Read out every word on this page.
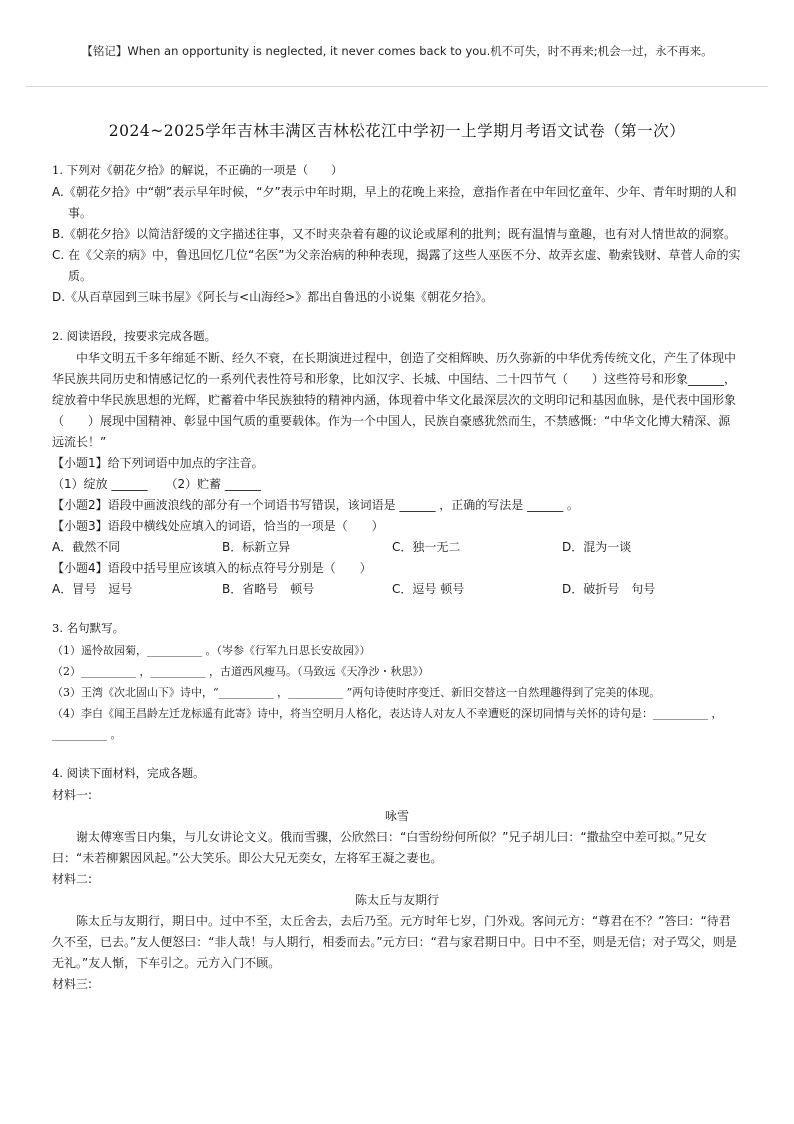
【铭记】When an opportunity is neglected, it never comes back to you.机不可失，时不再来;机会一过，永不再来。
2024~2025学年吉林丰满区吉林松花江中学初一上学期月考语文试卷（第一次）
1. 下列对《朝花夕拾》的解说，不正确的一项是（　　）
A.《朝花夕拾》中“朝”表示早年时候，“夕”表示中年时期，早上的花晚上来捡，意指作者在中年回忆童年、少年、青年时期的人和事。
B.《朝花夕拾》以简洁舒缓的文字描述往事，又不时夹杂着有趣的议论或犀利的批判；既有温情与童趣，也有对人情世故的洞察。
C. 在《父亲的病》中，鲁迅回忆几位“名医”为父亲治病的种种表现，揭露了这些人巫医不分、故弄玄虚、勒索钱财、草菅人命的实质。
D.《从百草园到三味书屋》《阿长与<山海经>》都出自鲁迅的小说集《朝花夕拾》。
2. 阅读语段，按要求完成各题。
中华文明五千多年绵延不断、经久不衰，在长期演进过程中，创造了交相辉映、历久弥新的中华优秀传统文化，产生了体现中华民族共同历史和情感记忆的一系列代表性符号和形象，比如汉字、长城、中国结、二十四节气（　　）这些符号和形象______，绽放着中华民族思想的光辉，贮蓄着中华民族独特的精神内涵，体现着中华文化最深层次的文明印记和基因血脉，是代表中国形象（　　）展现中国精神、彰显中国气质的重要载体。作为一个中国人，民族自豪感犹然而生，不禁感慨：“中华文化博大精深、源远流长！”
【小题1】给下列词语中加点的字注音。
（1）绽放 ______　　（2）贮蓄 ______
【小题2】语段中画波浪线的部分有一个词语书写错误，该词语是 ______ ，正确的写法是 ______ 。
【小题3】语段中横线处应填入的词语，恰当的一项是（　　）
A．截然不同	B．标新立异	C．独一无二	D．混为一谈
【小题4】语段中括号里应该填入的标点符号分别是（　　）
A．冒号　逗号	B．省略号　顿号	C．逗号 顿号	D．破折号　句号
3. 名句默写。
（1）遥怜故园菊，__________ 。（岑参《行军九日思长安故园》）
（2）__________ ，__________ ，古道西风瘦马。（马致远《天净沙・秋思》）
（3）王湾《次北固山下》诗中，“__________ ，__________ ”两句诗使时序变迁、新旧交替这一自然理趣得到了完美的体现。
（4）李白《闻王昌龄左迁龙标遥有此寄》诗中，将当空明月人格化，表达诗人对友人不幸遭贬的深切同情与关怀的诗句是：__________ ，__________ 。
4. 阅读下面材料，完成各题。
材料一:
咏雪
谢太傅寒雪日内集，与儿女讲论文义。俄而雪骤，公欣然曰：“白雪纷纷何所似？”兄子胡儿曰：“撒盐空中差可拟。”兄女曰：“未若柳絮因风起。”公大笑乐。即公大兄无奕女，左将军王凝之妻也。
材料二:
陈太丘与友期行
陈太丘与友期行，期日中。过中不至，太丘舍去，去后乃至。元方时年七岁，门外戏。客问元方：“尊君在不？”答曰：“待君久不至，已去。”友人便怒曰：“非人哉！与人期行，相委而去。”元方曰：“君与家君期日中。日中不至，则是无信；对子骂父，则是无礼。”友人惭，下车引之。元方入门不顾。
材料三:
